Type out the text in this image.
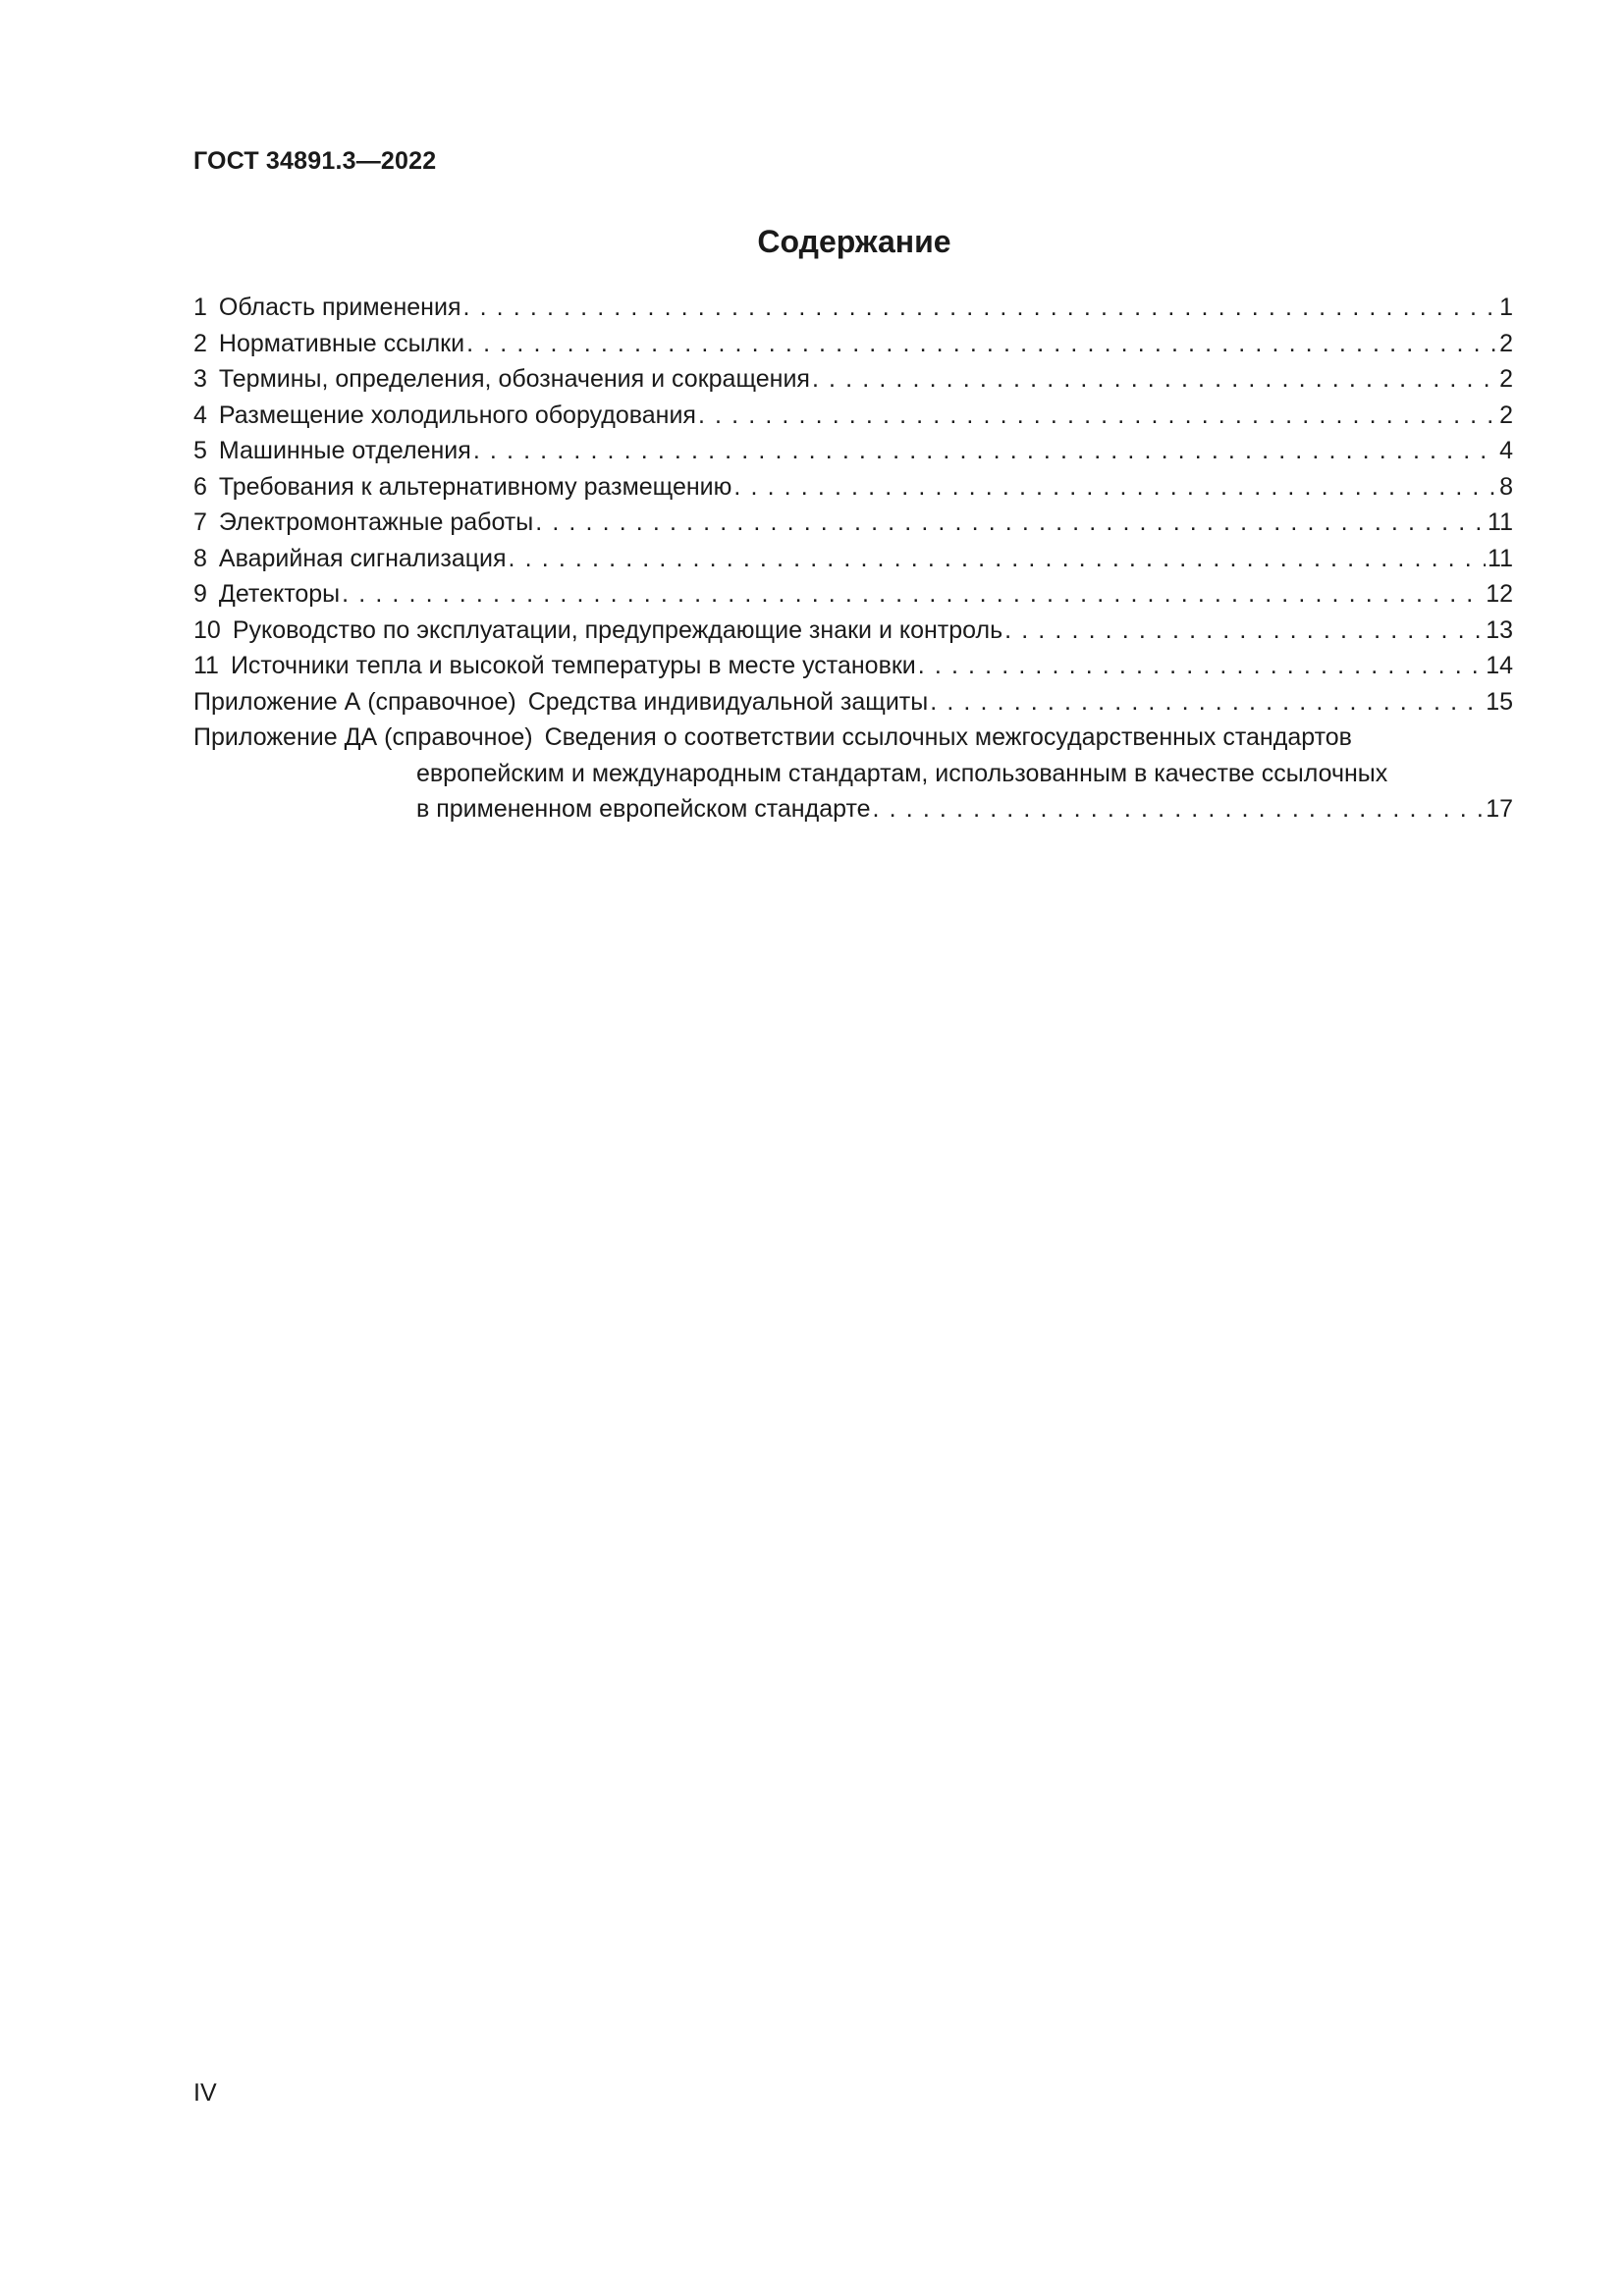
ГОСТ 34891.3—2022
Содержание
1 Область применения . . .	1
2 Нормативные ссылки . . .	2
3 Термины, определения, обозначения и сокращения . . .	2
4 Размещение холодильного оборудования . . .	2
5 Машинные отделения . . .	4
6 Требования к альтернативному размещению . . .	8
7 Электромонтажные работы . . .	11
8 Аварийная сигнализация . . .	11
9 Детекторы . . .	12
10 Руководство по эксплуатации, предупреждающие знаки и контроль . . .	13
11 Источники тепла и высокой температуры в месте установки . . .	14
Приложение А (справочное) Средства индивидуальной защиты . . .	15
Приложение ДА (справочное) Сведения о соответствии ссылочных межгосударственных стандартов
европейским и международным стандартам, использованным в качестве ссылочных
в примененном европейском стандарте . . .	17
IV
